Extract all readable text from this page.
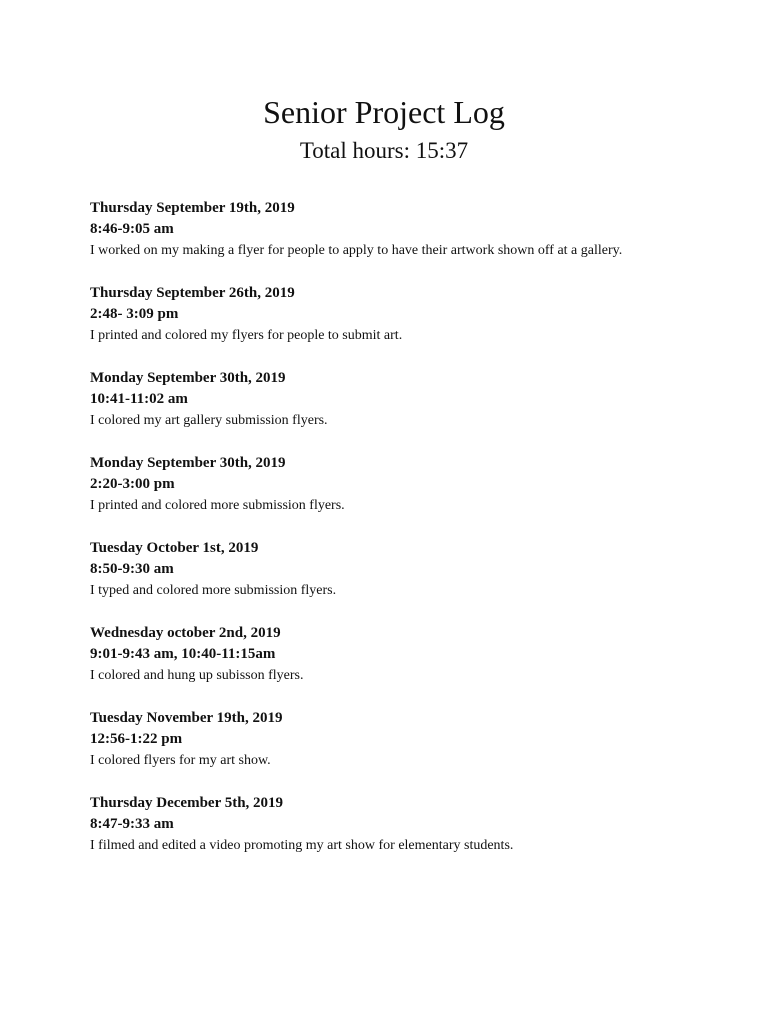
Senior Project Log
Total hours: 15:37

Thursday September 19th, 2019

8:46-9:05 am

I worked on my making a flyer for people to apply to have their artwork shown off at a gallery.

Thursday September 26th, 2019

2:48- 3:09 pm

I printed and colored my flyers for people to submit art.

Monday September 30th, 2019

10:41-11:02 am

I colored my art gallery submission flyers.

Monday September 30th, 2019

2:20-3:00 pm

I printed and colored more submission flyers.

Tuesday October 1st, 2019

8:50-9:30 am

I typed and colored more submission flyers.

Wednesday october 2nd, 2019

9:01-9:43 am, 10:40-11:15am

I colored and hung up subisson flyers.

Tuesday November 19th, 2019

12:56-1:22 pm

I colored flyers for my art show.

Thursday December 5th, 2019

8:47-9:33 am

I filmed and edited a video promoting my art show for elementary students.
